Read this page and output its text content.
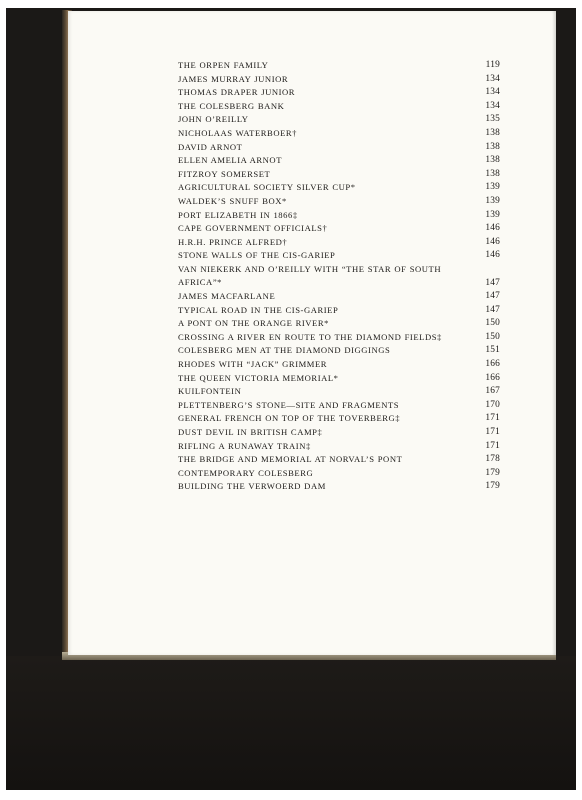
THE ORPEN FAMILY	119
JAMES MURRAY JUNIOR	134
THOMAS DRAPER JUNIOR	134
THE COLESBERG BANK	134
JOHN O’REILLY	135
NICHOLAAS WATERBOER†	138
DAVID ARNOT	138
ELLEN AMELIA ARNOT	138
FITZROY SOMERSET	138
AGRICULTURAL SOCIETY SILVER CUP*	139
WALDEK’S SNUFF BOX*	139
PORT ELIZABETH IN 1866‡	139
CAPE GOVERNMENT OFFICIALS†	146
H.R.H. PRINCE ALFRED†	146
STONE WALLS OF THE CIS-GARIEP	146
VAN NIEKERK AND O’REILLY WITH “THE STAR OF SOUTH AFRICA”*	147
JAMES MACFARLANE	147
TYPICAL ROAD IN THE CIS-GARIEP	147
A PONT ON THE ORANGE RIVER*	150
CROSSING A RIVER EN ROUTE TO THE DIAMOND FIELDS‡	150
COLESBERG MEN AT THE DIAMOND DIGGINGS	151
RHODES WITH “JACK” GRIMMER	166
THE QUEEN VICTORIA MEMORIAL*	166
KUILFONTEIN	167
PLETTENBERG’S STONE—SITE AND FRAGMENTS	170
GENERAL FRENCH ON TOP OF THE TOVERBERG‡	171
DUST DEVIL IN BRITISH CAMP‡	171
RIFLING A RUNAWAY TRAIN‡	171
THE BRIDGE AND MEMORIAL AT NORVAL’S PONT	178
CONTEMPORARY COLESBERG	179
BUILDING THE VERWOERD DAM	179
